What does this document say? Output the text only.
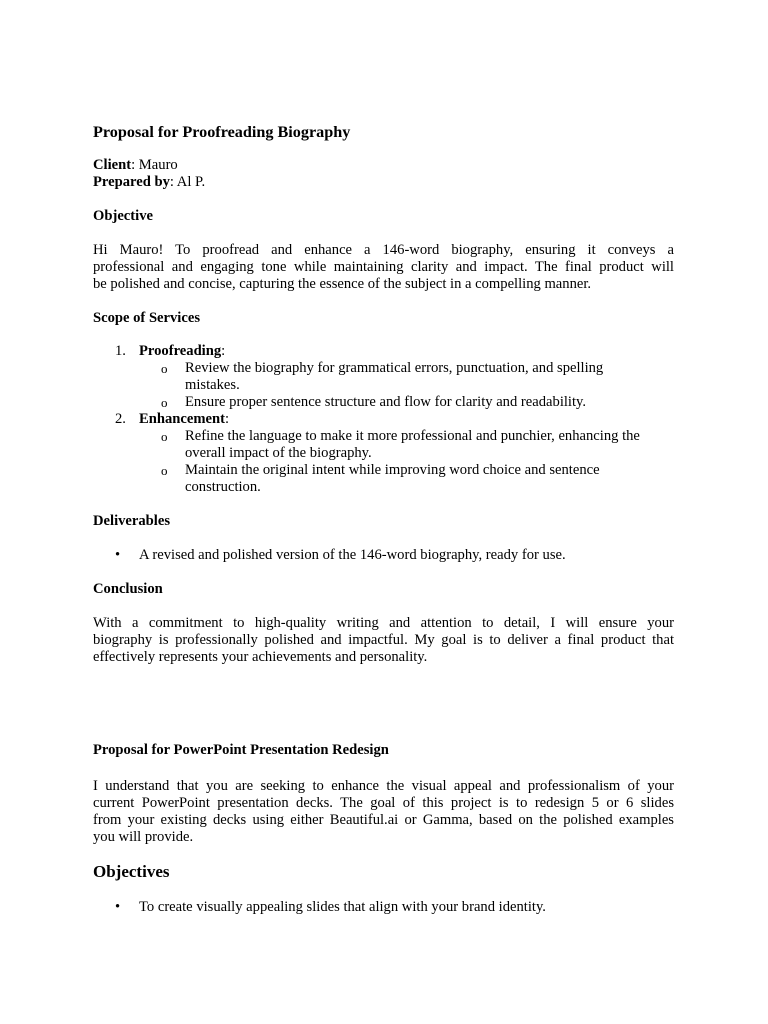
Proposal for Proofreading Biography
Client: Mauro
Prepared by: Al P.
Objective
Hi Mauro! To proofread and enhance a 146-word biography, ensuring it conveys a
professional and engaging tone while maintaining clarity and impact. The final product will
be polished and concise, capturing the essence of the subject in a compelling manner.
Scope of Services
1. Proofreading:
o Review the biography for grammatical errors, punctuation, and spelling
mistakes.
o Ensure proper sentence structure and flow for clarity and readability.
2. Enhancement:
o Refine the language to make it more professional and punchier, enhancing the
overall impact of the biography.
o Maintain the original intent while improving word choice and sentence
construction.
Deliverables
• A revised and polished version of the 146-word biography, ready for use.
Conclusion
With a commitment to high-quality writing and attention to detail, I will ensure your
biography is professionally polished and impactful. My goal is to deliver a final product that
effectively represents your achievements and personality.
Proposal for PowerPoint Presentation Redesign
I understand that you are seeking to enhance the visual appeal and professionalism of your
current PowerPoint presentation decks. The goal of this project is to redesign 5 or 6 slides
from your existing decks using either Beautiful.ai or Gamma, based on the polished examples
you will provide.
Objectives
• To create visually appealing slides that align with your brand identity.
